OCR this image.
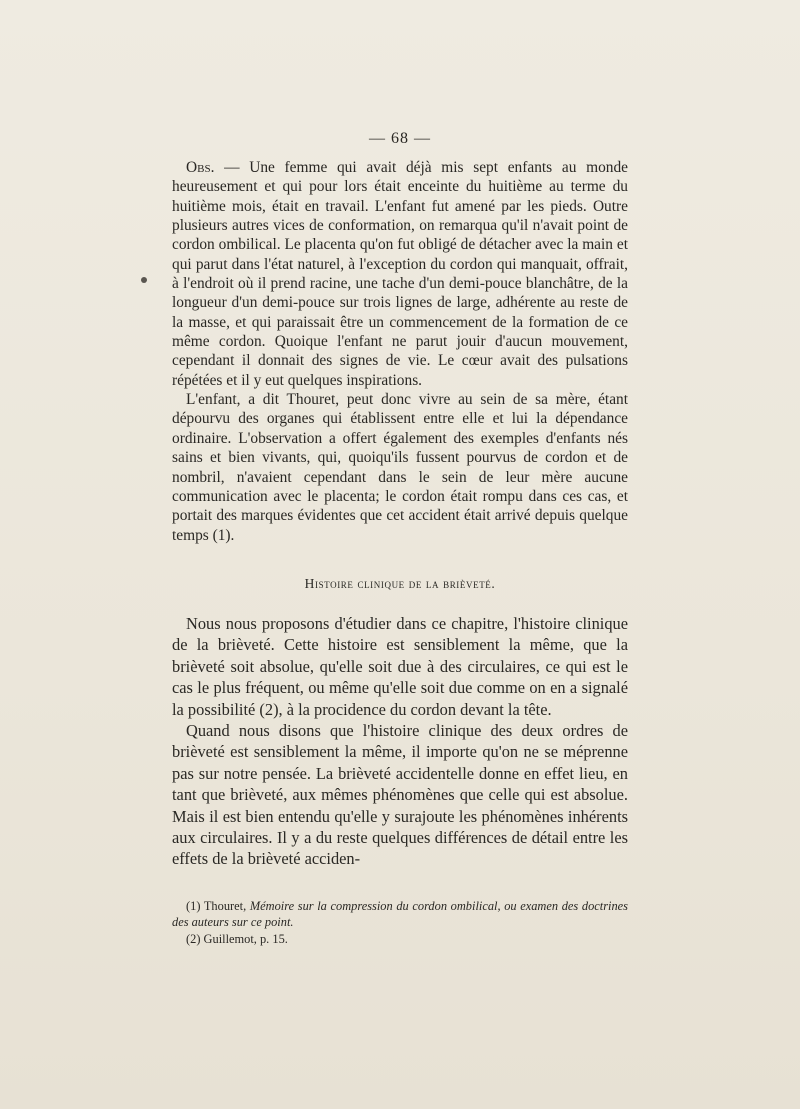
— 68 —

Obs. — Une femme qui avait déjà mis sept enfants au monde heureusement et qui pour lors était enceinte du huitième au terme du huitième mois, était en travail. L'enfant fut amené par les pieds. Outre plusieurs autres vices de conformation, on remarqua qu'il n'avait point de cordon ombilical. Le placenta qu'on fut obligé de détacher avec la main et qui parut dans l'état naturel, à l'exception du cordon qui manquait, offrait, à l'endroit où il prend racine, une tache d'un demi-pouce blanchâtre, de la longueur d'un demi-pouce sur trois lignes de large, adhérente au reste de la masse, et qui paraissait être un commencement de la formation de ce même cordon. Quoique l'enfant ne parut jouir d'aucun mouvement, cependant il donnait des signes de vie. Le cœur avait des pulsations répétées et il y eut quelques inspirations.

L'enfant, a dit Thouret, peut donc vivre au sein de sa mère, étant dépourvu des organes qui établissent entre elle et lui la dépendance ordinaire. L'observation a offert également des exemples d'enfants nés sains et bien vivants, qui, quoiqu'ils fussent pourvus de cordon et de nombril, n'avaient cependant dans le sein de leur mère aucune communication avec le placenta; le cordon était rompu dans ces cas, et portait des marques évidentes que cet accident était arrivé depuis quelque temps (1).

Histoire clinique de la brièveté.

Nous nous proposons d'étudier dans ce chapitre, l'histoire clinique de la brièveté. Cette histoire est sensiblement la même, que la brièveté soit absolue, qu'elle soit due à des circulaires, ce qui est le cas le plus fréquent, ou même qu'elle soit due comme on en a signalé la possibilité (2), à la procidence du cordon devant la tête.

Quand nous disons que l'histoire clinique des deux ordres de brièveté est sensiblement la même, il importe qu'on ne se méprenne pas sur notre pensée. La brièveté accidentelle donne en effet lieu, en tant que brièveté, aux mêmes phénomènes que celle qui est absolue. Mais il est bien entendu qu'elle y surajoute les phénomènes inhérents aux circulaires. Il y a du reste quelques différences de détail entre les effets de la brièveté acciden-

(1) Thouret, Mémoire sur la compression du cordon ombilical, ou examen des doctrines des auteurs sur ce point.

(2) Guillemot, p. 15.
